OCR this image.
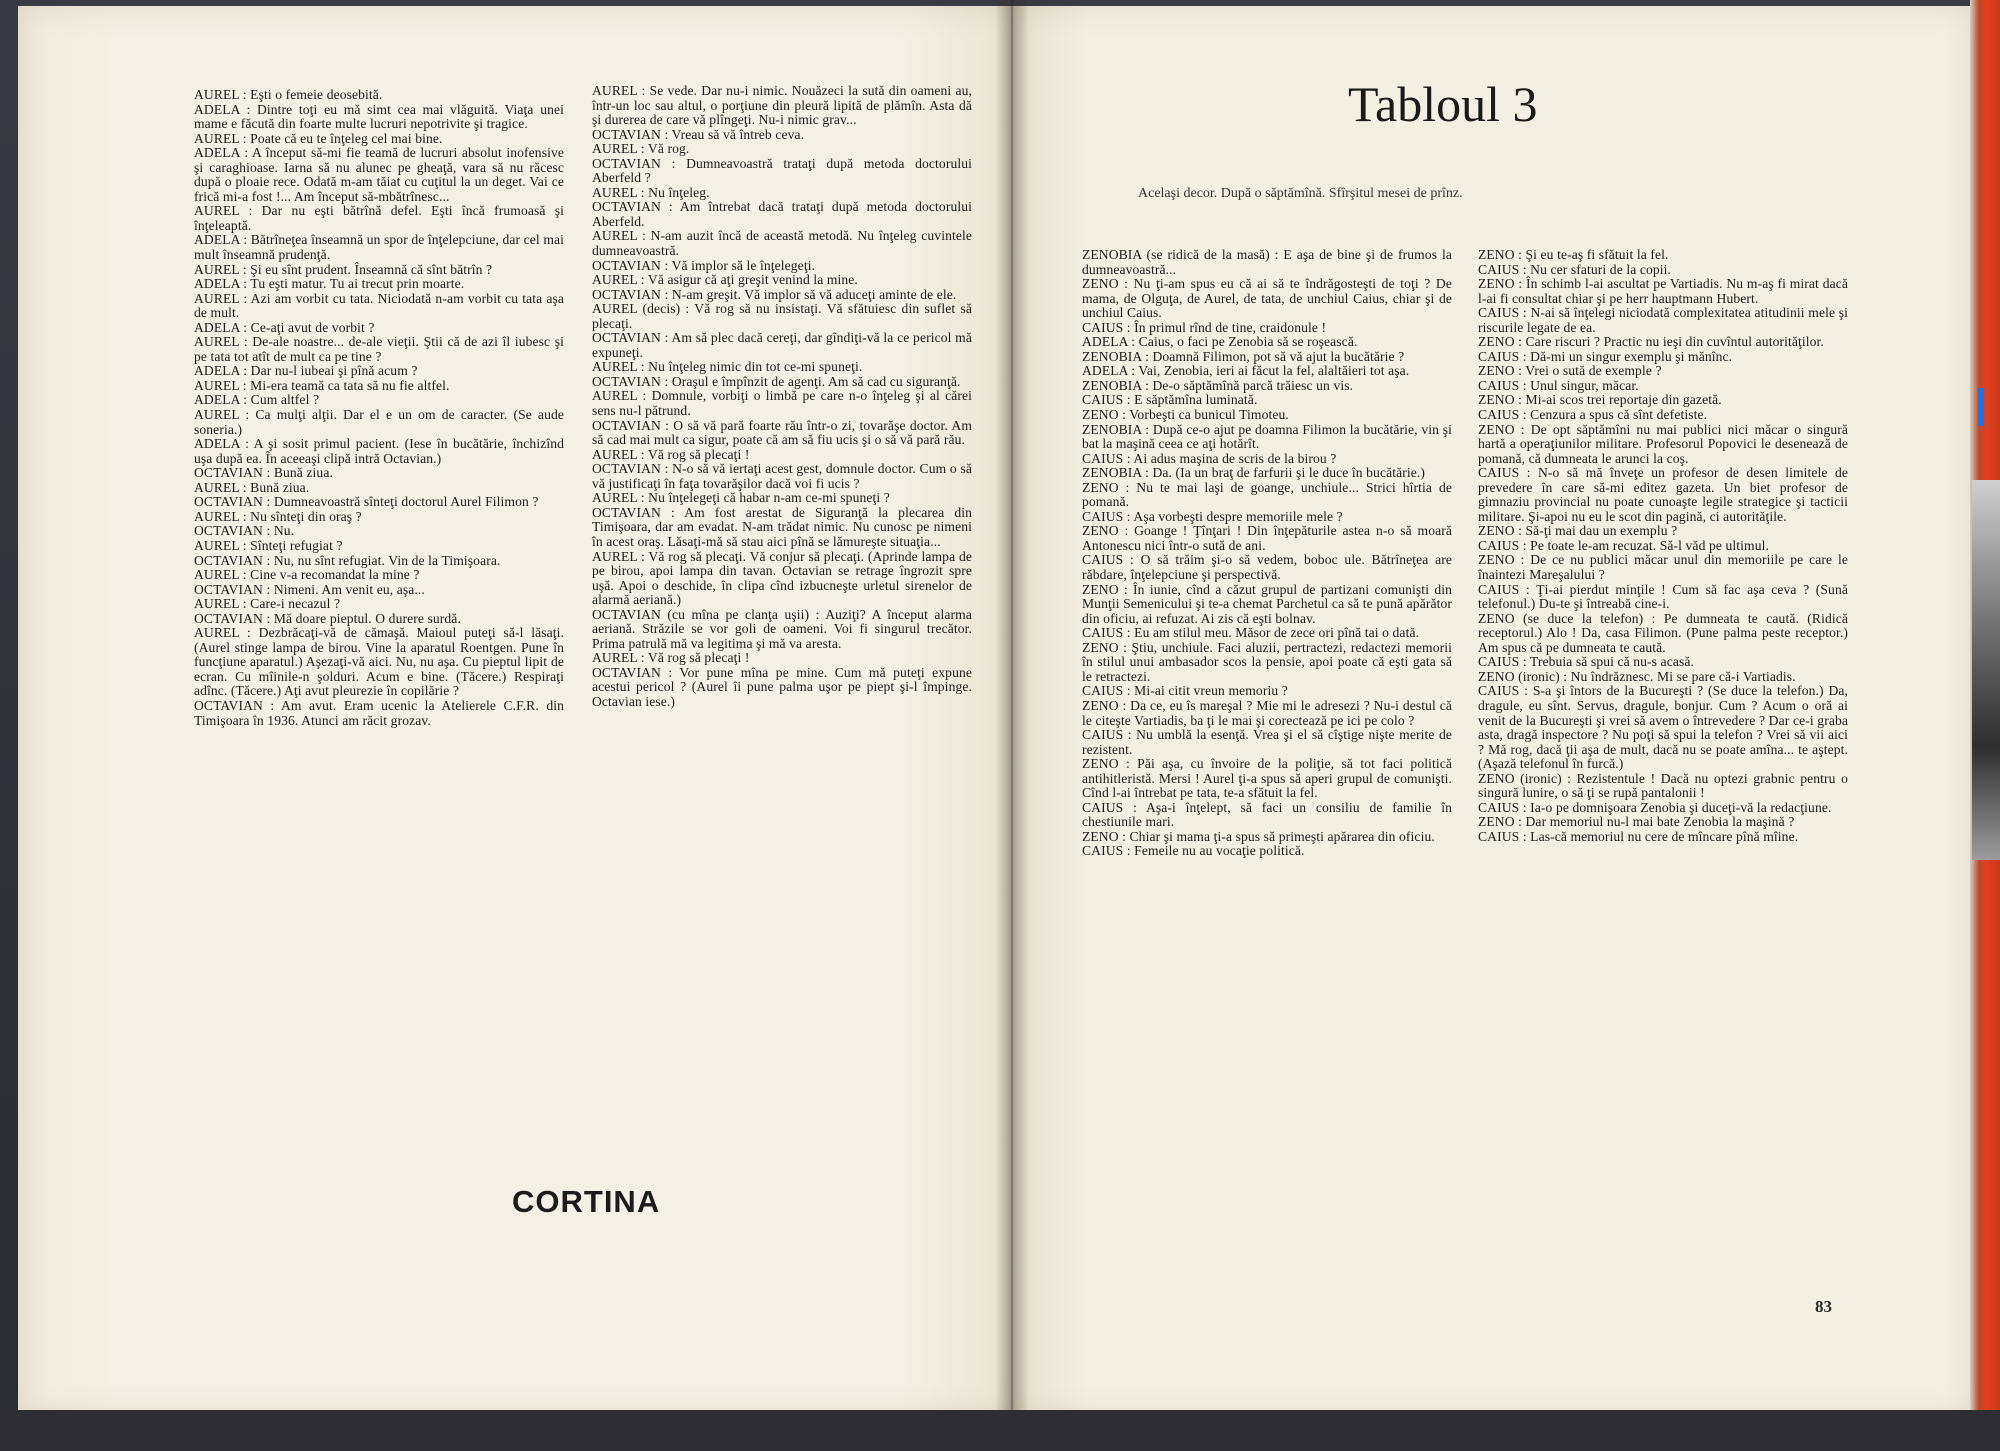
AUREL : Eşti o femeie deosebită.

ADELA : Dintre toţi eu mă simt cea mai vlăguită. Viaţa unei mame e făcută din foarte multe lucruri nepotrivite şi tragice.

AUREL : Poate că eu te înţeleg cel mai bine.

ADELA : A început să-mi fie teamă de lucruri absolut inofensive şi caraghioase. Iarna să nu alunec pe gheaţă, vara să nu răcesc după o ploaie rece. Odată m-am tăiat cu cuţitul la un deget. Vai ce frică mi-a fost !... Am început să-mbătrînesc...

AUREL : Dar nu eşti bătrînă defel. Eşti încă frumoasă şi înţeleaptă.

ADELA : Bătrîneţea înseamnă un spor de înţelepciune, dar cel mai mult înseamnă prudenţă.

AUREL : Şi eu sînt prudent. Înseamnă că sînt bătrîn ?

ADELA : Tu eşti matur. Tu ai trecut prin moarte.

AUREL : Azi am vorbit cu tata. Niciodată n-am vorbit cu tata aşa de mult.

ADELA : Ce-aţi avut de vorbit ?

AUREL : De-ale noastre... de-ale vieţii. Ştii că de azi îl iubesc şi pe tata tot atît de mult ca pe tine ?

ADELA : Dar nu-l iubeai şi pînă acum ?

AUREL : Mi-era teamă ca tata să nu fie altfel.

ADELA : Cum altfel ?

AUREL : Ca mulţi alţii. Dar el e un om de caracter. (Se aude soneria.)

ADELA : A şi sosit primul pacient. (Iese în bucătărie, închizînd uşa după ea. În aceeaşi clipă intră Octavian.)

OCTAVIAN : Bună ziua.

AUREL : Bună ziua.

OCTAVIAN : Dumneavoastră sînteţi doctorul Aurel Filimon ?

AUREL : Nu sînteţi din oraş ?

OCTAVIAN : Nu.

AUREL : Sînteţi refugiat ?

OCTAVIAN : Nu, nu sînt refugiat. Vin de la Timişoara.

AUREL : Cine v-a recomandat la mine ?

OCTAVIAN : Nimeni. Am venit eu, aşa...

AUREL : Care-i necazul ?

OCTAVIAN : Mă doare pieptul. O durere surdă.

AUREL : Dezbrăcaţi-vă de cămaşă. Maioul puteţi să-l lăsaţi. (Aurel stinge lampa de birou. Vine la aparatul Roentgen. Pune în funcţiune aparatul.) Aşezaţi-vă aici. Nu, nu aşa. Cu pieptul lipit de ecran. Cu mîinile-n şolduri. Acum e bine. (Tăcere.) Respiraţi adînc. (Tăcere.) Aţi avut pleurezie în copilărie ?

OCTAVIAN : Am avut. Eram ucenic la Atelierele C.F.R. din Timişoara în 1936. Atunci am răcit grozav.

AUREL : Se vede. Dar nu-i nimic. Nouăzeci la sută din oameni au, într-un loc sau altul, o porţiune din pleură lipită de plămîn. Asta dă şi durerea de care vă plîngeţi. Nu-i nimic grav...

OCTAVIAN : Vreau să vă întreb ceva.

AUREL : Vă rog.

OCTAVIAN : Dumneavoastră trataţi după metoda doctorului Aberfeld ?

AUREL : Nu înţeleg.

OCTAVIAN : Am întrebat dacă trataţi după metoda doctorului Aberfeld.

AUREL : N-am auzit încă de această metodă. Nu înţeleg cuvintele dumneavoastră.

OCTAVIAN : Vă implor să le înţelegeţi.

AUREL : Vă asigur că aţi greşit venind la mine.

OCTAVIAN : N-am greşit. Vă implor să vă aduceţi aminte de ele.

AUREL (decis) : Vă rog să nu insistaţi. Vă sfătuiesc din suflet să plecaţi.

OCTAVIAN : Am să plec dacă cereţi, dar gîndiţi-vă la ce pericol mă expuneţi.

AUREL : Nu înţeleg nimic din tot ce-mi spuneţi.

OCTAVIAN : Oraşul e împînzit de agenţi. Am să cad cu siguranţă.

AUREL : Domnule, vorbiţi o limbă pe care n-o înţeleg şi al cărei sens nu-l pătrund.

OCTAVIAN : O să vă pară foarte rău într-o zi, tovarăşe doctor. Am să cad mai mult ca sigur, poate că am să fiu ucis şi o să vă pară rău.

AUREL : Vă rog să plecaţi !

OCTAVIAN : N-o să vă iertaţi acest gest, domnule doctor. Cum o să vă justificaţi în faţa tovarăşilor dacă voi fi ucis ?

AUREL : Nu înţelegeţi că habar n-am ce-mi spuneţi ?

OCTAVIAN : Am fost arestat de Siguranţă la plecarea din Timişoara, dar am evadat. N-am trădat nimic. Nu cunosc pe nimeni în acest oraş. Lăsaţi-mă să stau aici pînă se lămureşte situaţia...

AUREL : Vă rog să plecaţi. Vă conjur să plecaţi. (Aprinde lampa de pe birou, apoi lampa din tavan. Octavian se retrage îngrozit spre uşă. Apoi o deschide, în clipa cînd izbucneşte urletul sirenelor de alarmă aeriană.)

OCTAVIAN (cu mîna pe clanţa uşii) : Auziţi? A început alarma aeriană. Străzile se vor goli de oameni. Voi fi singurul trecător. Prima patrulă mă va legitima şi mă va aresta.

AUREL : Vă rog să plecaţi !

OCTAVIAN : Vor pune mîna pe mine. Cum mă puteţi expune acestui pericol ? (Aurel îi pune palma uşor pe piept şi-l împinge. Octavian iese.)

CORTINA
Tabloul 3
Acelaşi decor. După o săptămînă. Sfîrşitul mesei de prînz.

ZENOBIA (se ridică de la masă) : E aşa de bine şi de frumos la dumneavoastră...

ZENO : Nu ţi-am spus eu că ai să te îndrăgosteşti de toţi ? De mama, de Olguţa, de Aurel, de tata, de unchiul Caius, chiar şi de unchiul Caius.

CAIUS : În primul rînd de tine, craidonule !

ADELA : Caius, o faci pe Zenobia să se roşească.

ZENOBIA : Doamnă Filimon, pot să vă ajut la bucătărie ?

ADELA : Vai, Zenobia, ieri ai făcut la fel, alaltăieri tot aşa.

ZENOBIA : De-o săptămînă parcă trăiesc un vis.

CAIUS : E săptămîna luminată.

ZENO : Vorbeşti ca bunicul Timoteu.

ZENOBIA : După ce-o ajut pe doamna Filimon la bucătărie, vin şi bat la maşină ceea ce aţi hotărît.

CAIUS : Ai adus maşina de scris de la birou ?

ZENOBIA : Da. (Ia un braţ de farfurii şi le duce în bucătărie.)

ZENO : Nu te mai laşi de goange, unchiule... Strici hîrtia de pomană.

CAIUS : Aşa vorbeşti despre memoriile mele ?

ZENO : Goange ! Ţînţari ! Din înţepăturile astea n-o să moară Antonescu nici într-o sută de ani.

CAIUS : O să trăim şi-o să vedem, boboc ule. Bătrîneţea are răbdare, înţelepciune şi perspectivă.

ZENO : În iunie, cînd a căzut grupul de partizani comunişti din Munţii Semenicului şi te-a chemat Parchetul ca să te pună apărător din oficiu, ai refuzat. Ai zis că eşti bolnav.

CAIUS : Eu am stilul meu. Măsor de zece ori pînă tai o dată.

ZENO : Ştiu, unchiule. Faci aluzii, pertractezi, redactezi memorii în stilul unui ambasador scos la pensie, apoi poate că eşti gata să le retractezi.

CAIUS : Mi-ai citit vreun memoriu ?

ZENO : Da ce, eu îs mareşal ? Mie mi le adresezi ? Nu-i destul că le citeşte Vartiadis, ba ţi le mai şi corectează pe ici pe colo ?

CAIUS : Nu umblă la esenţă. Vrea şi el să cîştige nişte merite de rezistent.

ZENO : Păi aşa, cu învoire de la poliţie, să tot faci politică antihitleristă. Mersi ! Aurel ţi-a spus să aperi grupul de comunişti. Cînd l-ai întrebat pe tata, te-a sfătuit la fel.

CAIUS : Aşa-i înţelept, să faci un consiliu de familie în chestiunile mari.

ZENO : Chiar şi mama ţi-a spus să primeşti apărarea din oficiu.

CAIUS : Femeile nu au vocaţie politică.

ZENO : Şi eu te-aş fi sfătuit la fel.

CAIUS : Nu cer sfaturi de la copii.

ZENO : În schimb l-ai ascultat pe Vartiadis. Nu m-aş fi mirat dacă l-ai fi consultat chiar şi pe herr hauptmann Hubert.

CAIUS : N-ai să înţelegi niciodată complexitatea atitudinii mele şi riscurile legate de ea.

ZENO : Care riscuri ? Practic nu ieşi din cuvîntul autorităţilor.

CAIUS : Dă-mi un singur exemplu şi mănînc.

ZENO : Vrei o sută de exemple ?

CAIUS : Unul singur, măcar.

ZENO : Mi-ai scos trei reportaje din gazetă.

CAIUS : Cenzura a spus că sînt defetiste.

ZENO : De opt săptămîni nu mai publici nici măcar o singură hartă a operaţiunilor militare. Profesorul Popovici le desenează de pomană, că dumneata le arunci la coş.

CAIUS : N-o să mă înveţe un profesor de desen limitele de prevedere în care să-mi editez gazeta. Un biet profesor de gimnaziu provincial nu poate cunoaşte legile strategice şi tacticii militare. Şi-apoi nu eu le scot din pagină, ci autorităţile.

ZENO : Să-ţi mai dau un exemplu ?

CAIUS : Pe toate le-am recuzat. Să-l văd pe ultimul.

ZENO : De ce nu publici măcar unul din memoriile pe care le înaintezi Mareşalului ?

CAIUS : Ţi-ai pierdut minţile ! Cum să fac aşa ceva ? (Sună telefonul.) Du-te şi întreabă cine-i.

ZENO (se duce la telefon) : Pe dumneata te caută. (Ridică receptorul.) Alo ! Da, casa Filimon. (Pune palma peste receptor.) Am spus că pe dumneata te caută.

CAIUS : Trebuia să spui că nu-s acasă.

ZENO (ironic) : Nu îndrăznesc. Mi se pare că-i Vartiadis.

CAIUS : S-a şi întors de la Bucureşti ? (Se duce la telefon.) Da, dragule, eu sînt. Servus, dragule, bonjur. Cum ? Acum o oră ai venit de la Bucureşti şi vrei să avem o întrevedere ? Dar ce-i graba asta, dragă inspectore ? Nu poţi să spui la telefon ? Vrei să vii aici ? Mă rog, dacă ţii aşa de mult, dacă nu se poate amîna... te aştept. (Aşază telefonul în furcă.)

ZENO (ironic) : Rezistentule ! Dacă nu optezi grabnic pentru o singură lunire, o să ţi se rupă pantalonii !

CAIUS : Ia-o pe domnişoara Zenobia şi duceţi-vă la redacţiune.

ZENO : Dar memoriul nu-l mai bate Zenobia la maşină ?

CAIUS : Las-că memoriul nu cere de mîncare pînă mîine.

83
